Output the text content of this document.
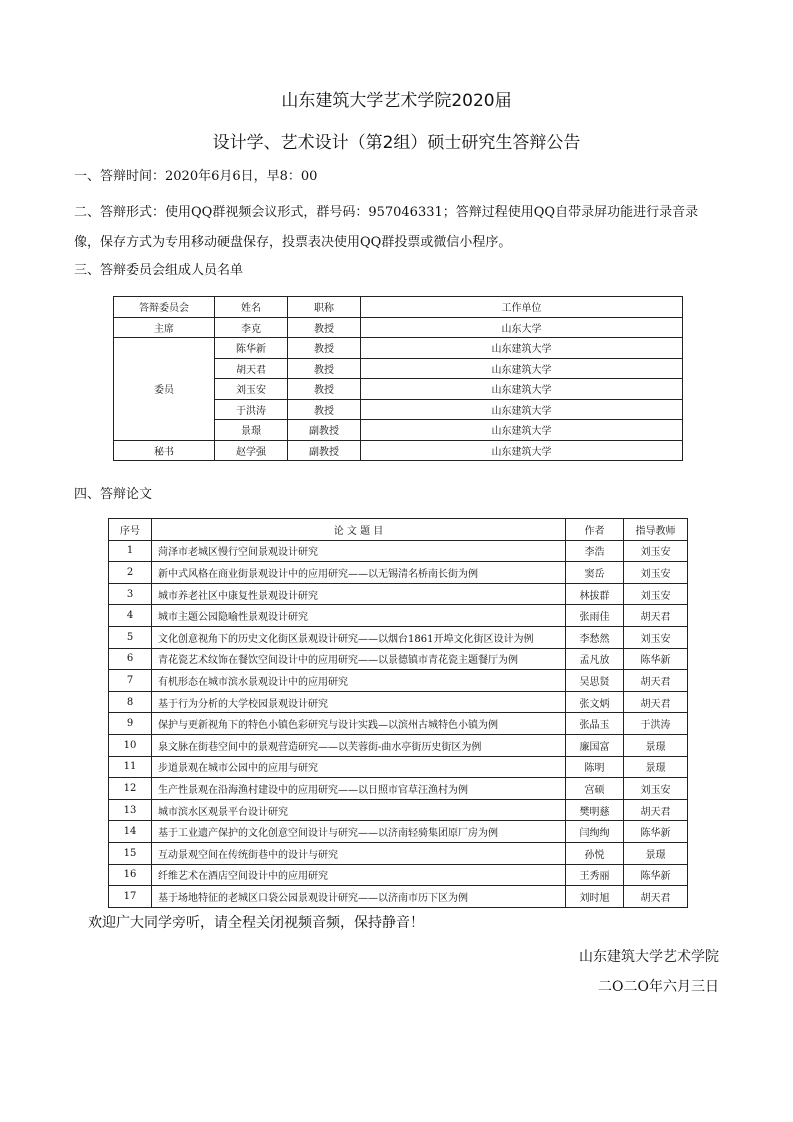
山东建筑大学艺术学院2020届
设计学、艺术设计（第2组）硕士研究生答辩公告
一、答辩时间：2020年6月6日，早8：00
二、答辩形式：使用QQ群视频会议形式，群号码：957046331；答辩过程使用QQ自带录屏功能进行录音录像，保存方式为专用移动硬盘保存，投票表决使用QQ群投票或微信小程序。
三、答辩委员会组成人员名单
答辩委员会	姓名	职称	工作单位
主席	李克	教授	山东大学
委员	陈华新	教授	山东建筑大学
	胡天君	教授	山东建筑大学
	刘玉安	教授	山东建筑大学
	于洪涛	教授	山东建筑大学
	景璟	副教授	山东建筑大学
秘书	赵学强	副教授	山东建筑大学
四、答辩论文
序号	论 文 题 目	作者	指导教师
1	菏泽市老城区慢行空间景观设计研究	李浩	刘玉安
2	新中式风格在商业街景观设计中的应用研究——以无锡清名桥南长街为例	窦岳	刘玉安
3	城市养老社区中康复性景观设计研究	林拔群	刘玉安
4	城市主题公园隐喻性景观设计研究	张雨佳	胡天君
5	文化创意视角下的历史文化街区景观设计研究——以烟台1861开埠文化街区设计为例	李愁然	刘玉安
6	青花瓷艺术纹饰在餐饮空间设计中的应用研究——以景德镇市青花瓷主题餐厅为例	孟凡放	陈华新
7	有机形态在城市滨水景观设计中的应用研究	吴思贤	胡天君
8	基于行为分析的大学校园景观设计研究	张文炳	胡天君
9	保护与更新视角下的特色小镇色彩研究与设计实践—以滨州古城特色小镇为例	张晶玉	于洪涛
10	泉文脉在街巷空间中的景观营造研究——以芙蓉街-曲水亭街历史街区为例	廉国富	景璟
11	步道景观在城市公园中的应用与研究	陈明	景璟
12	生产性景观在沿海渔村建设中的应用研究——以日照市官草汪渔村为例	宫硕	刘玉安
13	城市滨水区观景平台设计研究	樊明慈	胡天君
14	基于工业遗产保护的文化创意空间设计与研究——以济南轻骑集团原厂房为例	闫绚绚	陈华新
15	互动景观空间在传统街巷中的设计与研究	孙悦	景璟
16	纤维艺术在酒店空间设计中的应用研究	王秀丽	陈华新
17	基于场地特征的老城区口袋公园景观设计研究——以济南市历下区为例	刘时旭	胡天君
欢迎广大同学旁听，请全程关闭视频音频，保持静音！
山东建筑大学艺术学院
二O二O年六月三日
